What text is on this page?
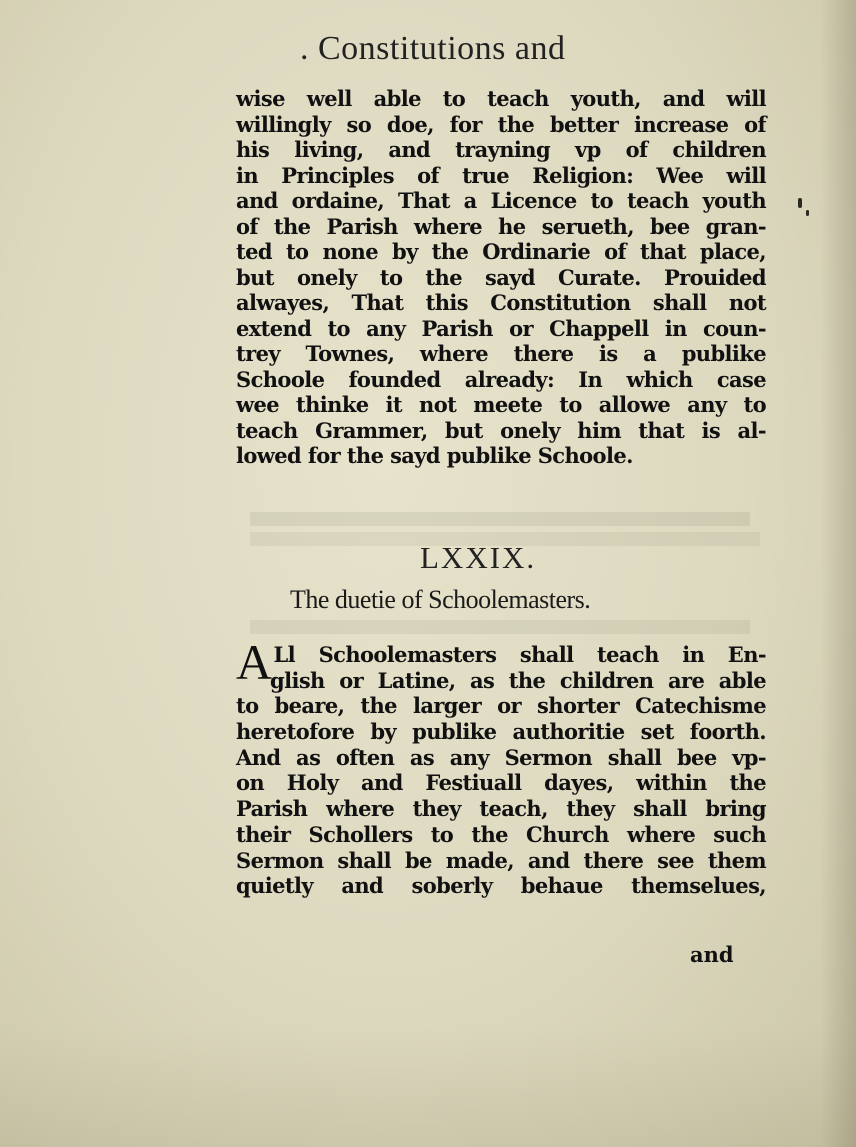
. Constitutions and
wise well able to teach youth, and will
willingly so doe, for the better increase of
his living, and trayning vp of children
in Principles of true Religion: Wee will
and ordaine, That a Licence to teach youth
of the Parish where he serueth, bee gran-
ted to none by the Ordinarie of that place,
but onely to the sayd Curate. Prouided
alwayes, That this Constitution shall not
extend to any Parish or Chappell in coun-
trey Townes, where there is a publike
Schoole founded already: In which case
wee thinke it not meete to allowe any to
teach Grammer, but onely him that is al-
lowed for the sayd publike Schoole.
LXXIX.
The duetie of Schoolemasters.
ALl Schoolemasters shall teach in En-
glish or Latine, as the children are able
to beare, the larger or shorter Catechisme
heretofore by publike authoritie set foorth.
And as often as any Sermon shall bee vp-
on Holy and Festiuall dayes, within the
Parish where they teach, they shall bring
their Schollers to the Church where such
Sermon shall be made, and there see them
quietly and soberly behaue themselues,
and
